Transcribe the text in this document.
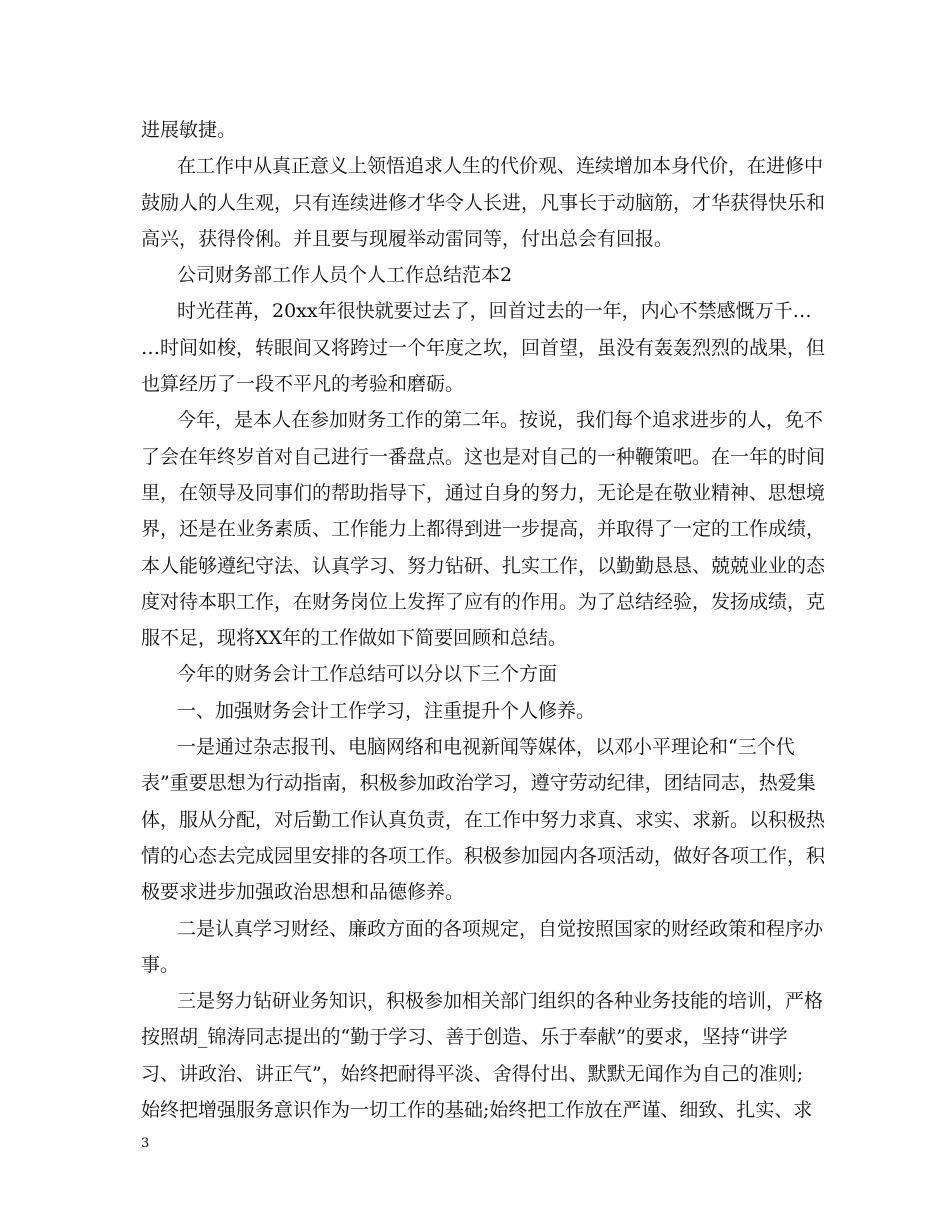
进展敏捷。
在工作中从真正意义上领悟追求人生的代价观、连续增加本身代价，在进修中
鼓励人的人生观，只有连续进修才华令人长进，凡事长于动脑筋，才华获得快乐和
高兴，获得伶俐。并且要与现履举动雷同等，付出总会有回报。
公司财务部工作人员个人工作总结范本2
时光荏苒，20xx年很快就要过去了，回首过去的一年，内心不禁感慨万千…
…时间如梭，转眼间又将跨过一个年度之坎，回首望，虽没有轰轰烈烈的战果，但
也算经历了一段不平凡的考验和磨砺。
今年，是本人在参加财务工作的第二年。按说，我们每个追求进步的人，免不
了会在年终岁首对自己进行一番盘点。这也是对自己的一种鞭策吧。在一年的时间
里，在领导及同事们的帮助指导下，通过自身的努力，无论是在敬业精神、思想境
界，还是在业务素质、工作能力上都得到进一步提高，并取得了一定的工作成绩，
本人能够遵纪守法、认真学习、努力钻研、扎实工作，以勤勤恳恳、兢兢业业的态
度对待本职工作，在财务岗位上发挥了应有的作用。为了总结经验，发扬成绩，克
服不足，现将XX年的工作做如下简要回顾和总结。
今年的财务会计工作总结可以分以下三个方面
一、加强财务会计工作学习，注重提升个人修养。
一是通过杂志报刊、电脑网络和电视新闻等媒体，以邓小平理论和“三个代
表”重要思想为行动指南，积极参加政治学习，遵守劳动纪律，团结同志，热爱集
体，服从分配，对后勤工作认真负责，在工作中努力求真、求实、求新。以积极热
情的心态去完成园里安排的各项工作。积极参加园内各项活动，做好各项工作，积
极要求进步加强政治思想和品德修养。
二是认真学习财经、廉政方面的各项规定，自觉按照国家的财经政策和程序办
事。
三是努力钻研业务知识，积极参加相关部门组织的各种业务技能的培训，严格
按照胡_锦涛同志提出的“勤于学习、善于创造、乐于奉献”的要求，坚持“讲学
习、讲政治、讲正气”，始终把耐得平淡、舍得付出、默默无闻作为自己的准则;
始终把增强服务意识作为一切工作的基础;始终把工作放在严谨、细致、扎实、求
3
